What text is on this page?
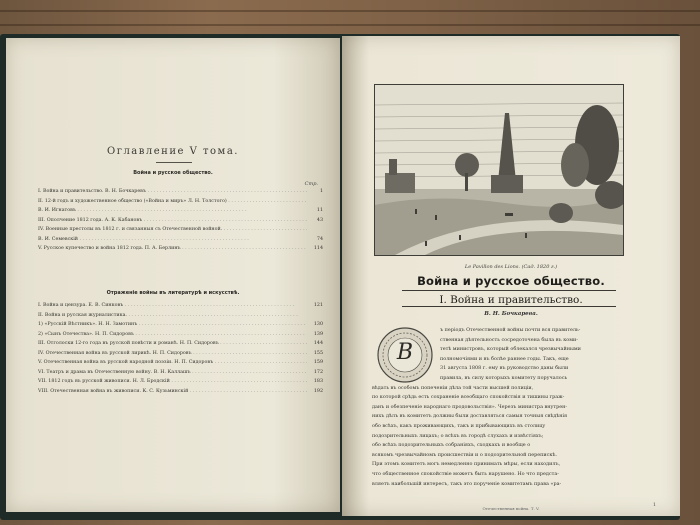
Оглавление V тома.
Война и русское общество.
Стр.
I. Война и правительство. В. Н. Бочкаревъ . . .	1
II. 12-й годъ и художественное общество («Война и миръ» Л. Н. Толстого) . . .
В. И. Игнатовъ . . .	11
III. Ополчение 1812 года. А. К. Кабановъ . . .	43
IV. Военные престолы въ 1812 г. и связанныя съ Отечественной войной. . . .
В. И. Семевскій . . .	74
V. Русское купечество и война 1812 года. П. А. Берлинъ . . .	114
Отраженіе войны въ литературѣ и искусствѣ.
I. Война и цензура. Е. В. Синковъ . . .	121
II. Война и русская журналистика. . . .
1) «Русскій Вѣстникъ». Н. Н. Замотинъ . . .	130
2) «Сынъ Отечества». Н. П. Сидоровъ . . .	139
III. Отголоски 12-го года въ русской повѣсти и романѣ. Н. П. Сидоровъ . . .	144
IV. Отечественная война въ русской лирикѣ. Н. П. Сидоровъ . . .	155
V. Отечественная война въ русской народной поэзіи. Н. П. Сидоровъ . . .	159
VI. Театръ и драма въ Отечественную войну. В. Н. Каллашъ . . .	172
VII. 1812 годъ въ русской живописи. Н. Л. Бродскій . . .	183
VIII. Отечественная война въ живописи. К. С. Кузьминскій . . .	192
Le Pavillon des Lions. (Сад. 1820 г.)
Война и русское общество.
I. Война и правительство.
В. Н. Бочкарева.
В
ъ періодъ Отечественной войны почти вся правитель-
ственная дѣятельность сосредоточена была въ коми-
тетѣ министровъ, который облекался чрезвычайными
полномочіями и въ болѣе раннее годы. Такъ, еще
31 августа 1808 г. ему въ руководство даны были
правила, въ силу которыхъ комитету поручалось
вѣдать въ особомъ попеченіи дѣла той части высшей полиціи,
по которой срѣдь есть сохраненіе всеобщаго спокойствія и тишины граж-
данъ и обезпеченіе народнаго продовольствія». Черезъ министра внутрен-
нихъ дѣлъ въ комитетъ должны были доставляться самыя точныя свѣдѣнія
обо всѣхъ, какъ проживающихъ, такъ и прибывающихъ въ столицу
подозрительныхъ лицахъ; о всѣхъ въ городѣ слухахъ и извѣстіяхъ;
обо всѣхъ подозрительныхъ собраніяхъ, сходкахъ и вообще о
всякомъ чрезвычайномъ происшествіи и о подозрительной перепискѣ.
При этомъ комитетъ могъ немедленно принимать мѣры, если находилъ,
что общественное спокойствіе можетъ быть нарушено. Но что предста-
вляетъ наибольшій интересъ, такъ это порученіе комитетамъ права «ра-
Отечественная война. Т. V.
1
